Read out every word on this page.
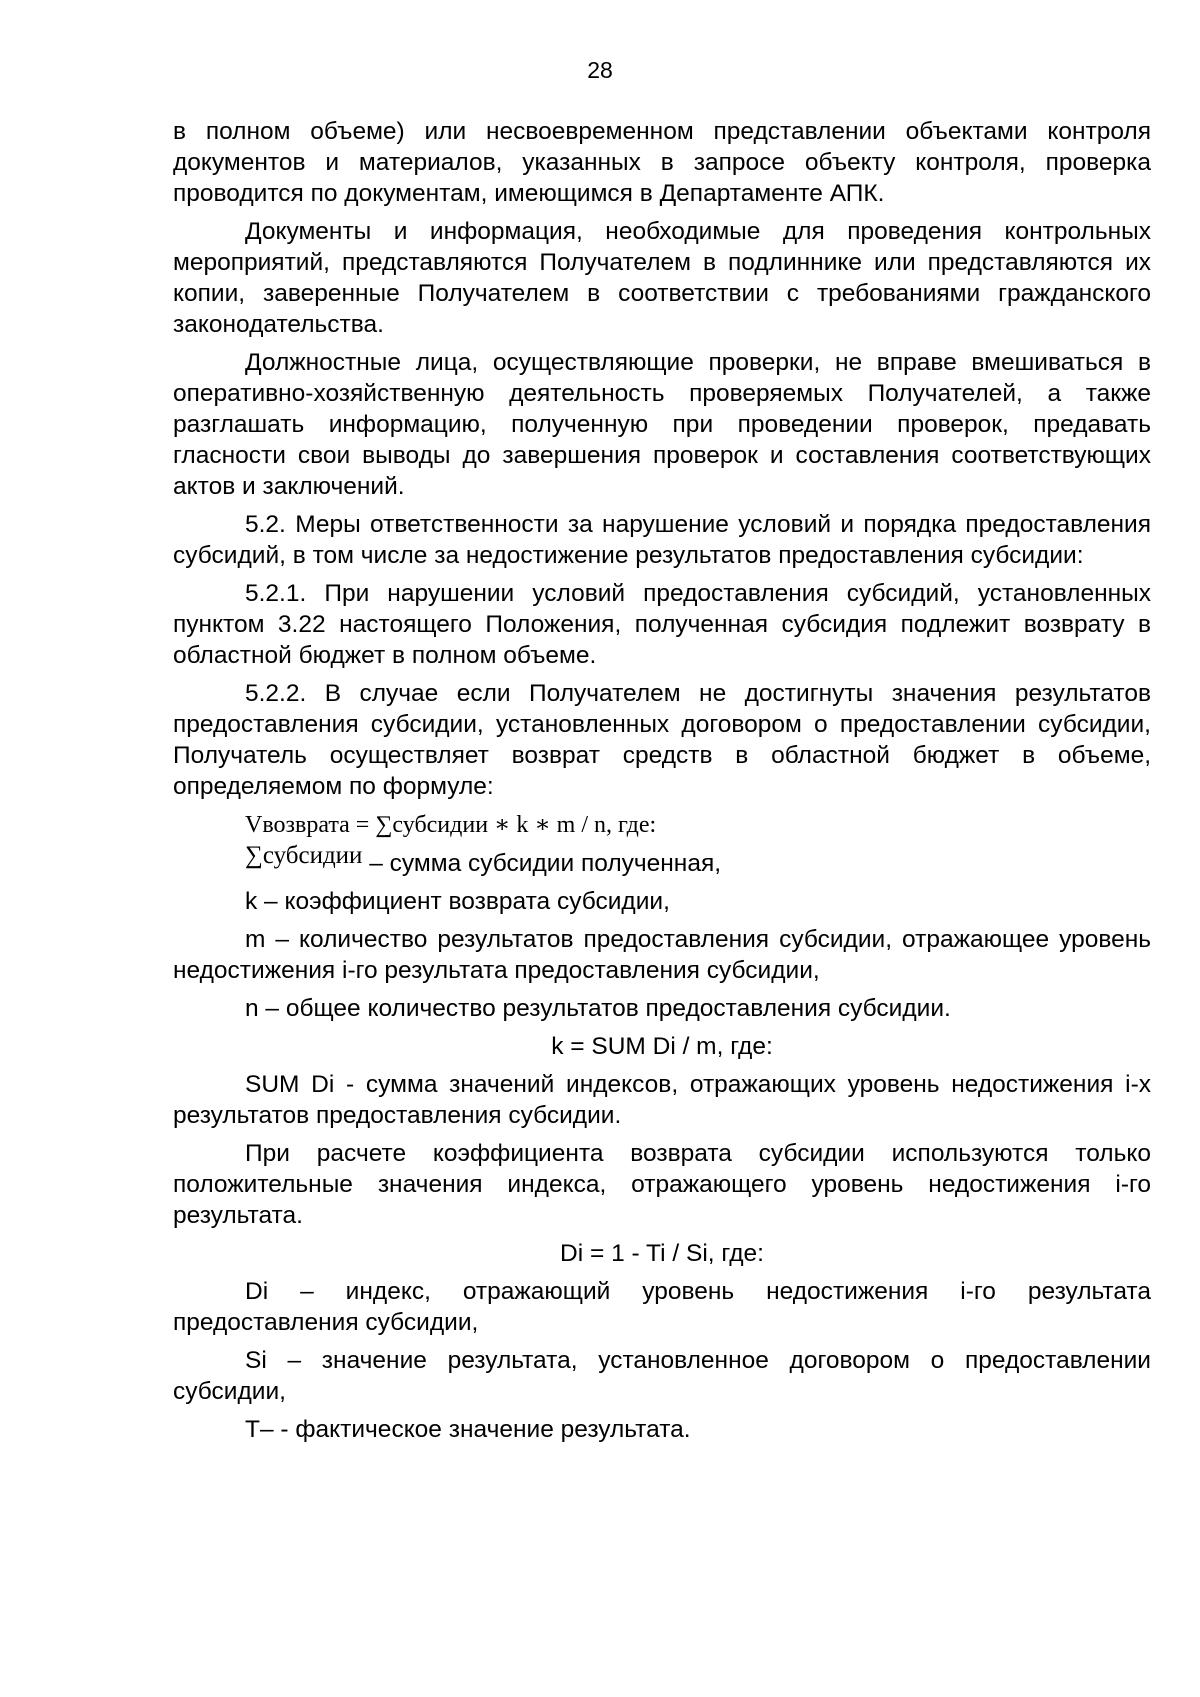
28

в полном объеме) или несвоевременном представлении объектами контроля документов и материалов, указанных в запросе объекту контроля, проверка проводится по документам, имеющимся в Департаменте АПК.

Документы и информация, необходимые для проведения контрольных мероприятий, представляются Получателем в подлиннике или представляются их копии, заверенные Получателем в соответствии с требованиями гражданского законодательства.

Должностные лица, осуществляющие проверки, не вправе вмешиваться в оперативно-хозяйственную деятельность проверяемых Получателей, а также разглашать информацию, полученную при проведении проверок, предавать гласности свои выводы до завершения проверок и составления соответствующих актов и заключений.

5.2. Меры ответственности за нарушение условий и порядка предоставления субсидий, в том числе за недостижение результатов предоставления субсидии:

5.2.1. При нарушении условий предоставления субсидий, установленных пунктом 3.22 настоящего Положения, полученная субсидия подлежит возврату в областной бюджет в полном объеме.

5.2.2. В случае если Получателем не достигнуты значения результатов предоставления субсидии, установленных договором о предоставлении субсидии, Получатель осуществляет возврат средств в областной бюджет в объеме, определяемом по формуле:

Vвозврата = ∑субсидии ∗ k ∗ m / n, где:

∑субсидии – сумма субсидии полученная,

k – коэффициент возврата субсидии,

m – количество результатов предоставления субсидии, отражающее уровень недостижения i-го результата предоставления субсидии,

n – общее количество результатов предоставления субсидии.

k = SUM Di / m, где:

SUM Di - сумма значений индексов, отражающих уровень недостижения i-х результатов предоставления субсидии.

При расчете коэффициента возврата субсидии используются только положительные значения индекса, отражающего уровень недостижения i-го результата.

Di = 1 - Ti / Si, где:

Di – индекс, отражающий уровень недостижения i-го результата предоставления субсидии,

Si – значение результата, установленное договором о предоставлении субсидии,

T– - фактическое значение результата.
